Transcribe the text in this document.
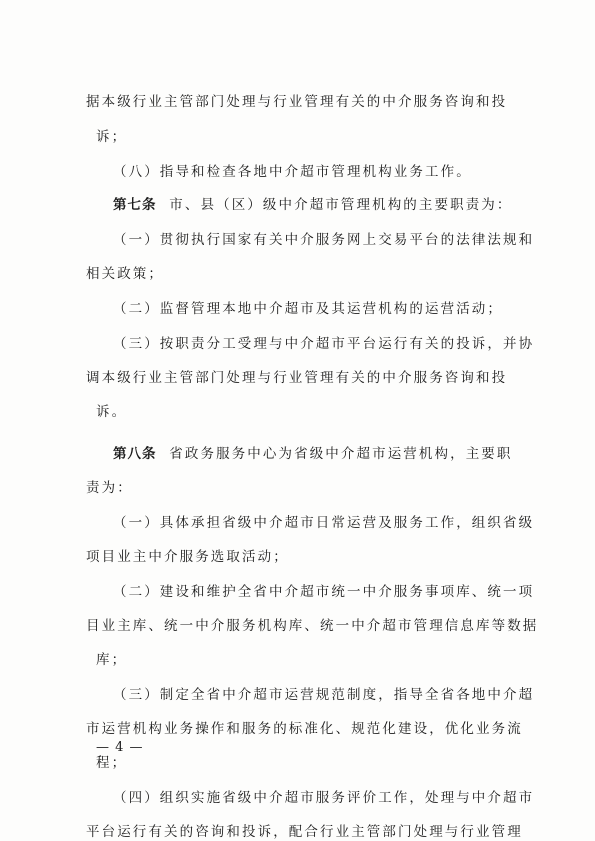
据本级行业主管部门处理与行业管理有关的中介服务咨询和投

诉；

（八）指导和检查各地中介超市管理机构业务工作。

第七条 市、县（区）级中介超市管理机构的主要职责为：

（一）贯彻执行国家有关中介服务网上交易平台的法律法规和

相关政策；

（二）监督管理本地中介超市及其运营机构的运营活动；

（三）按职责分工受理与中介超市平台运行有关的投诉，并协

调本级行业主管部门处理与行业管理有关的中介服务咨询和投

诉。

第八条 省政务服务中心为省级中介超市运营机构，主要职

责为：

（一）具体承担省级中介超市日常运营及服务工作，组织省级

项目业主中介服务选取活动；

（二）建设和维护全省中介超市统一中介服务事项库、统一项

目业主库、统一中介服务机构库、统一中介超市管理信息库等数据

库；

（三）制定全省中介超市运营规范制度，指导全省各地中介超

市运营机构业务操作和服务的标准化、规范化建设，优化业务流

程；

（四）组织实施省级中介超市服务评价工作，处理与中介超市

平台运行有关的咨询和投诉，配合行业主管部门处理与行业管理

— 4 —
